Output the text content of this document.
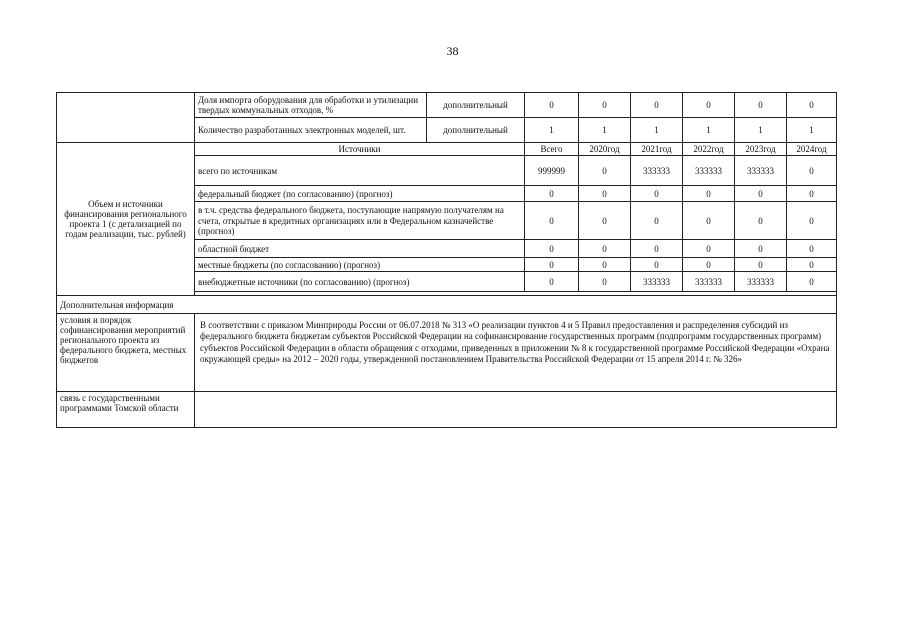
38
	Доля импорта оборудования для обработки и утилизации твердых коммунальных отходов, %	дополнительный	0	0	0	0	0	0
	Количество разработанных электронных моделей, шт.	дополнительный	1	1	1	1	1	1
Объем и источники финансирования регионального проекта 1 (с детализацией по годам реализации, тыс. рублей)	Источники		Всего	2020год	2021год	2022год	2023год	2024год
	всего по источникам		999999	0	333333	333333	333333	0
	федеральный бюджет (по согласованию) (прогноз)		0	0	0	0	0	0
	в т.ч. средства федерального бюджета, поступающие напрямую получателям на счета, открытые в кредитных организациях или в Федеральном казначействе (прогноз)		0	0	0	0	0	0
	областной бюджет		0	0	0	0	0	0
	местные бюджеты (по согласованию) (прогноз)		0	0	0	0	0	0
	внебюджетные источники (по согласованию) (прогноз)		0	0	333333	333333	333333	0

Дополнительная информация								
условия и порядок софинансирования мероприятий регионального проекта из федерального бюджета, местных бюджетов	В соответствии с приказом Минприроды России от 06.07.2018 № 313 «О реализации пунктов 4 и 5 Правил предоставления и распределения субсидий из федерального бюджета бюджетам субъектов Российской Федерации на софинансирование государственных программ (подпрограмм государственных программ) субъектов Российской Федерации в области обращения с отходами, приведенных в приложении № 8 к государственной программе Российской Федерации «Охрана окружающей среды» на 2012 – 2020 годы, утвержденной постановлением Правительства Российской Федерации от 15 апреля 2014 г. № 326»							
связь с государственными программами Томской области								
